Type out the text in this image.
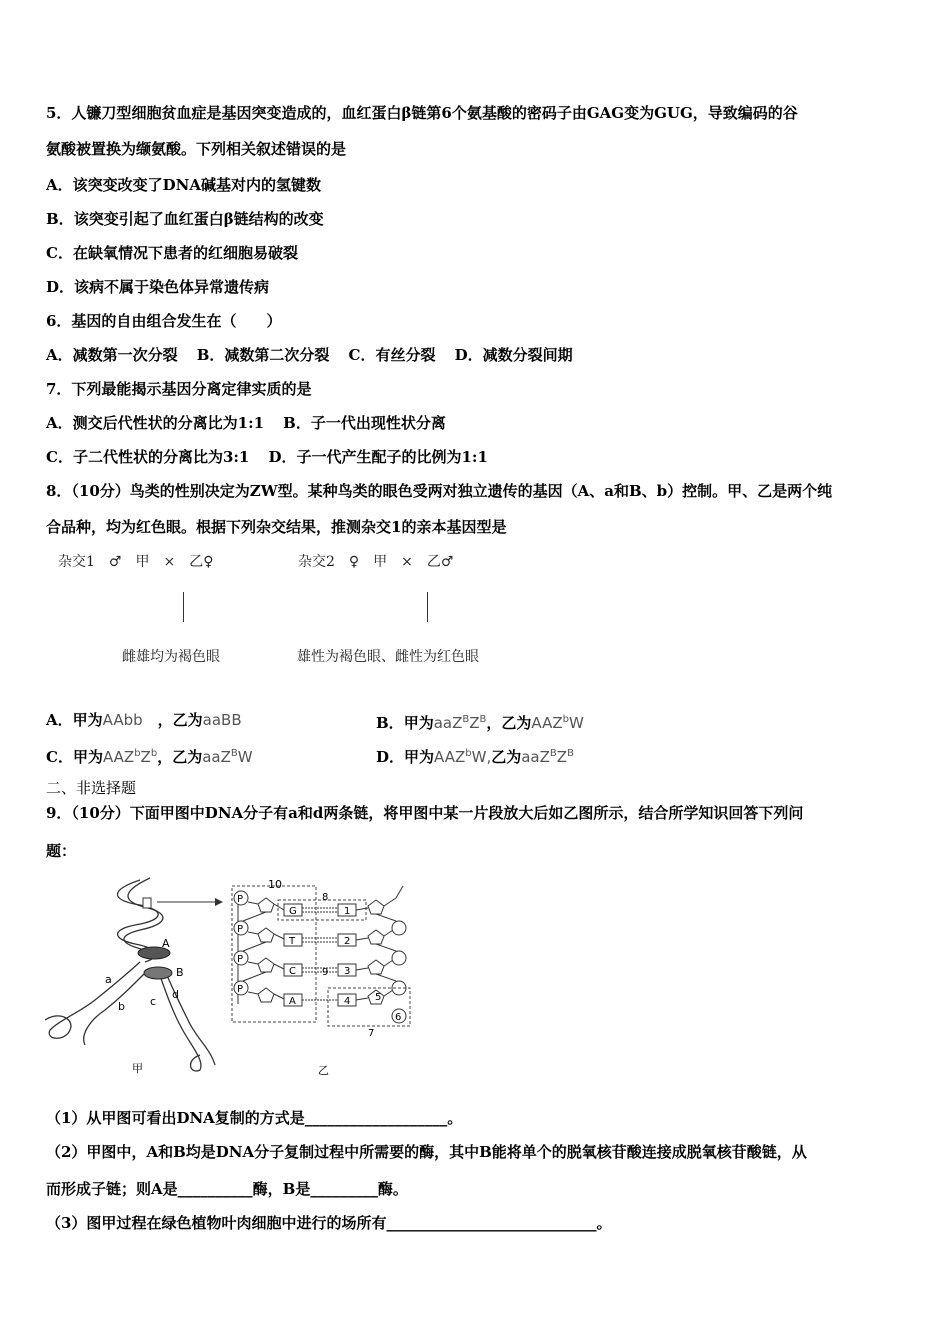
5．人镰刀型细胞贫血症是基因突变造成的，血红蛋白β链第6个氨基酸的密码子由GAG变为GUG，导致编码的谷
氨酸被置换为缬氨酸。下列相关叙述错误的是
A．该突变改变了DNA碱基对内的氢键数
B．该突变引起了血红蛋白β链结构的改变
C．在缺氧情况下患者的红细胞易破裂
D．该病不属于染色体异常遗传病
6．基因的自由组合发生在（　　）
A．减数第一次分裂 B．减数第二次分裂 C．有丝分裂 D．减数分裂间期
7．下列最能揭示基因分离定律实质的是
A．测交后代性状的分离比为1:1 B．子一代出现性状分离
C．子二代性状的分离比为3:1 D．子一代产生配子的比例为1:1
8．（10分）鸟类的性别决定为ZW型。某种鸟类的眼色受两对独立遗传的基因（A、a和B、b）控制。甲、乙是两个纯
合品种，均为红色眼。根据下列杂交结果，推测杂交1的亲本基因型是
杂交1　♂　甲　×　乙♀	杂交2　♀　甲　×　乙♂
雌雄均为褐色眼	雄性为褐色眼、雌性为红色眼
A．甲为AAbb　，乙为aaBB	B．甲为$aaZ^BZ^B$，乙为AAZ$^b$W
C．甲为$AAZ^bZ^b$，乙为aaZ$^B$W	D．甲为AAZ$^b$W,乙为$aaZ^BZ^B$
二、非选择题
9．（10分）下面甲图中DNA分子有a和d两条链，将甲图中某一片段放大后如乙图所示，结合所学知识回答下列问
题：
A
B
a
b c
d
甲
10
P
P
P
P
G
T
C
A
8
9
1
2
3
4 5
6
7
乙
（1）从甲图可看出DNA复制的方式是___________________。
（2）甲图中，A和B均是DNA分子复制过程中所需要的酶，其中B能将单个的脱氧核苷酸连接成脱氧核苷酸链，从
而形成子链；则A是__________酶，B是_________酶。
（3）图甲过程在绿色植物叶肉细胞中进行的场所有____________________________。
